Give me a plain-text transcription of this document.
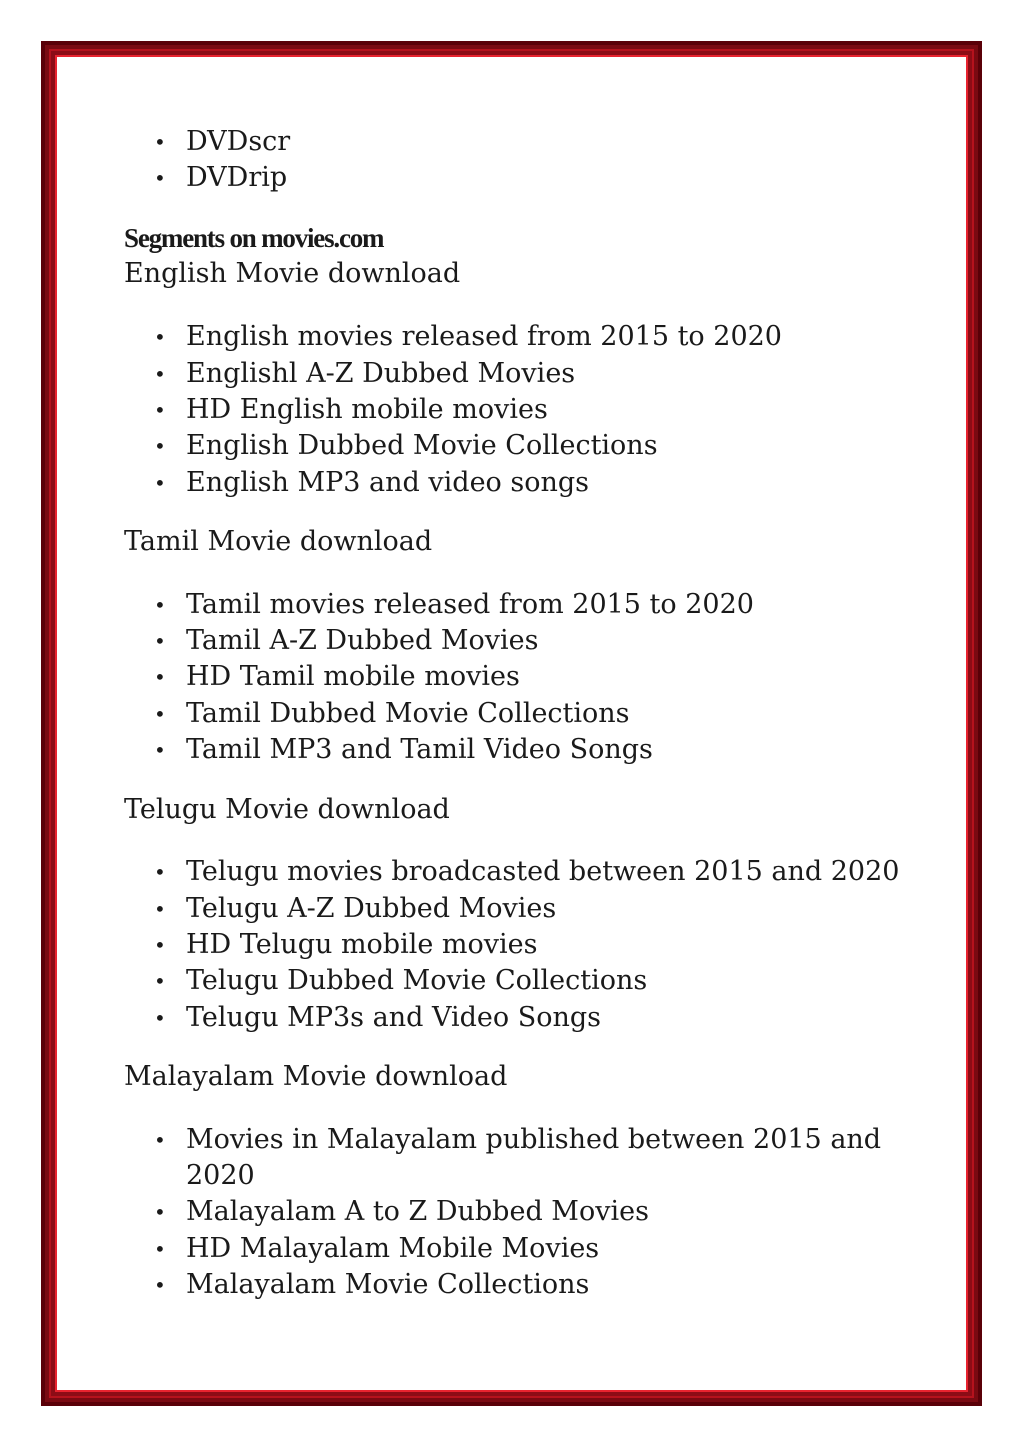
• DVDscr
• DVDrip

Segments on movies.com

English Movie download

• English movies released from 2015 to 2020
• Englishl A-Z Dubbed Movies
• HD English mobile movies
• English Dubbed Movie Collections
• English MP3 and video songs

Tamil Movie download

• Tamil movies released from 2015 to 2020
• Tamil A-Z Dubbed Movies
• HD Tamil mobile movies
• Tamil Dubbed Movie Collections
• Tamil MP3 and Tamil Video Songs

Telugu Movie download

• Telugu movies broadcasted between 2015 and 2020
• Telugu A-Z Dubbed Movies
• HD Telugu mobile movies
• Telugu Dubbed Movie Collections
• Telugu MP3s and Video Songs

Malayalam Movie download

• Movies in Malayalam published between 2015 and 2020
• Malayalam A to Z Dubbed Movies
• HD Malayalam Mobile Movies
• Malayalam Movie Collections
